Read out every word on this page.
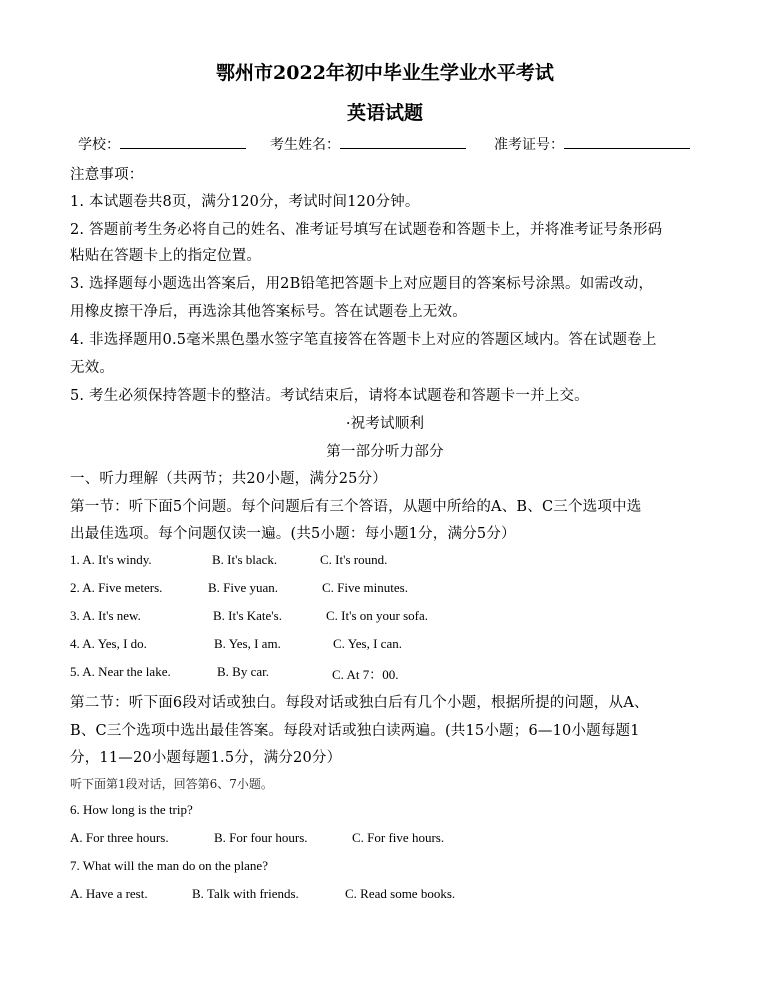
鄂州市2022年初中毕业生学业水平考试
英语试题
学校：	考生姓名：	准考证号：
注意事项：
1. 本试题卷共8页，满分120分，考试时间120分钟。
2. 答题前考生务必将自己的姓名、准考证号填写在试题卷和答题卡上，并将准考证号条形码
粘贴在答题卡上的指定位置。
3. 选择题每小题选出答案后，用2B铅笔把答题卡上对应题目的答案标号涂黑。如需改动，
用橡皮擦干净后，再选涂其他答案标号。答在试题卷上无效。
4. 非选择题用0.5毫米黑色墨水签字笔直接答在答题卡上对应的答题区域内。答在试题卷上
无效。
5. 考生必须保持答题卡的整洁。考试结束后，请将本试题卷和答题卡一并上交。
·祝考试顺利
第一部分听力部分
一、听力理解（共两节；共20小题，满分25分）
第一节：听下面5个问题。每个问题后有三个答语，从题中所给的A、B、C三个选项中选
出最佳选项。每个问题仅读一遍。(共5小题：每小题1分，满分5分）
1. A. It's windy.	B. It's black.	C. It's round.
2. A. Five meters.	B. Five yuan.	C. Five minutes.
3. A. It's new.	B. It's Kate's.	C. It's on your sofa.
4. A. Yes, I do.	B. Yes, I am.	C. Yes, I can.
5. A. Near the lake.	B. By car.	C. At 7：00.
第二节：听下面6段对话或独白。每段对话或独白后有几个小题，根据所提的问题，从A、
B、C三个选项中选出最佳答案。每段对话或独白读两遍。(共15小题；6—10小题每题1
分，11—20小题每题1.5分，满分20分）
听下面第1段对话，回答第6、7小题。
6. How long is the trip?
A. For three hours.	B. For four hours.	C. For five hours.
7. What will the man do on the plane?
A. Have a rest.	B. Talk with friends.	C. Read some books.
